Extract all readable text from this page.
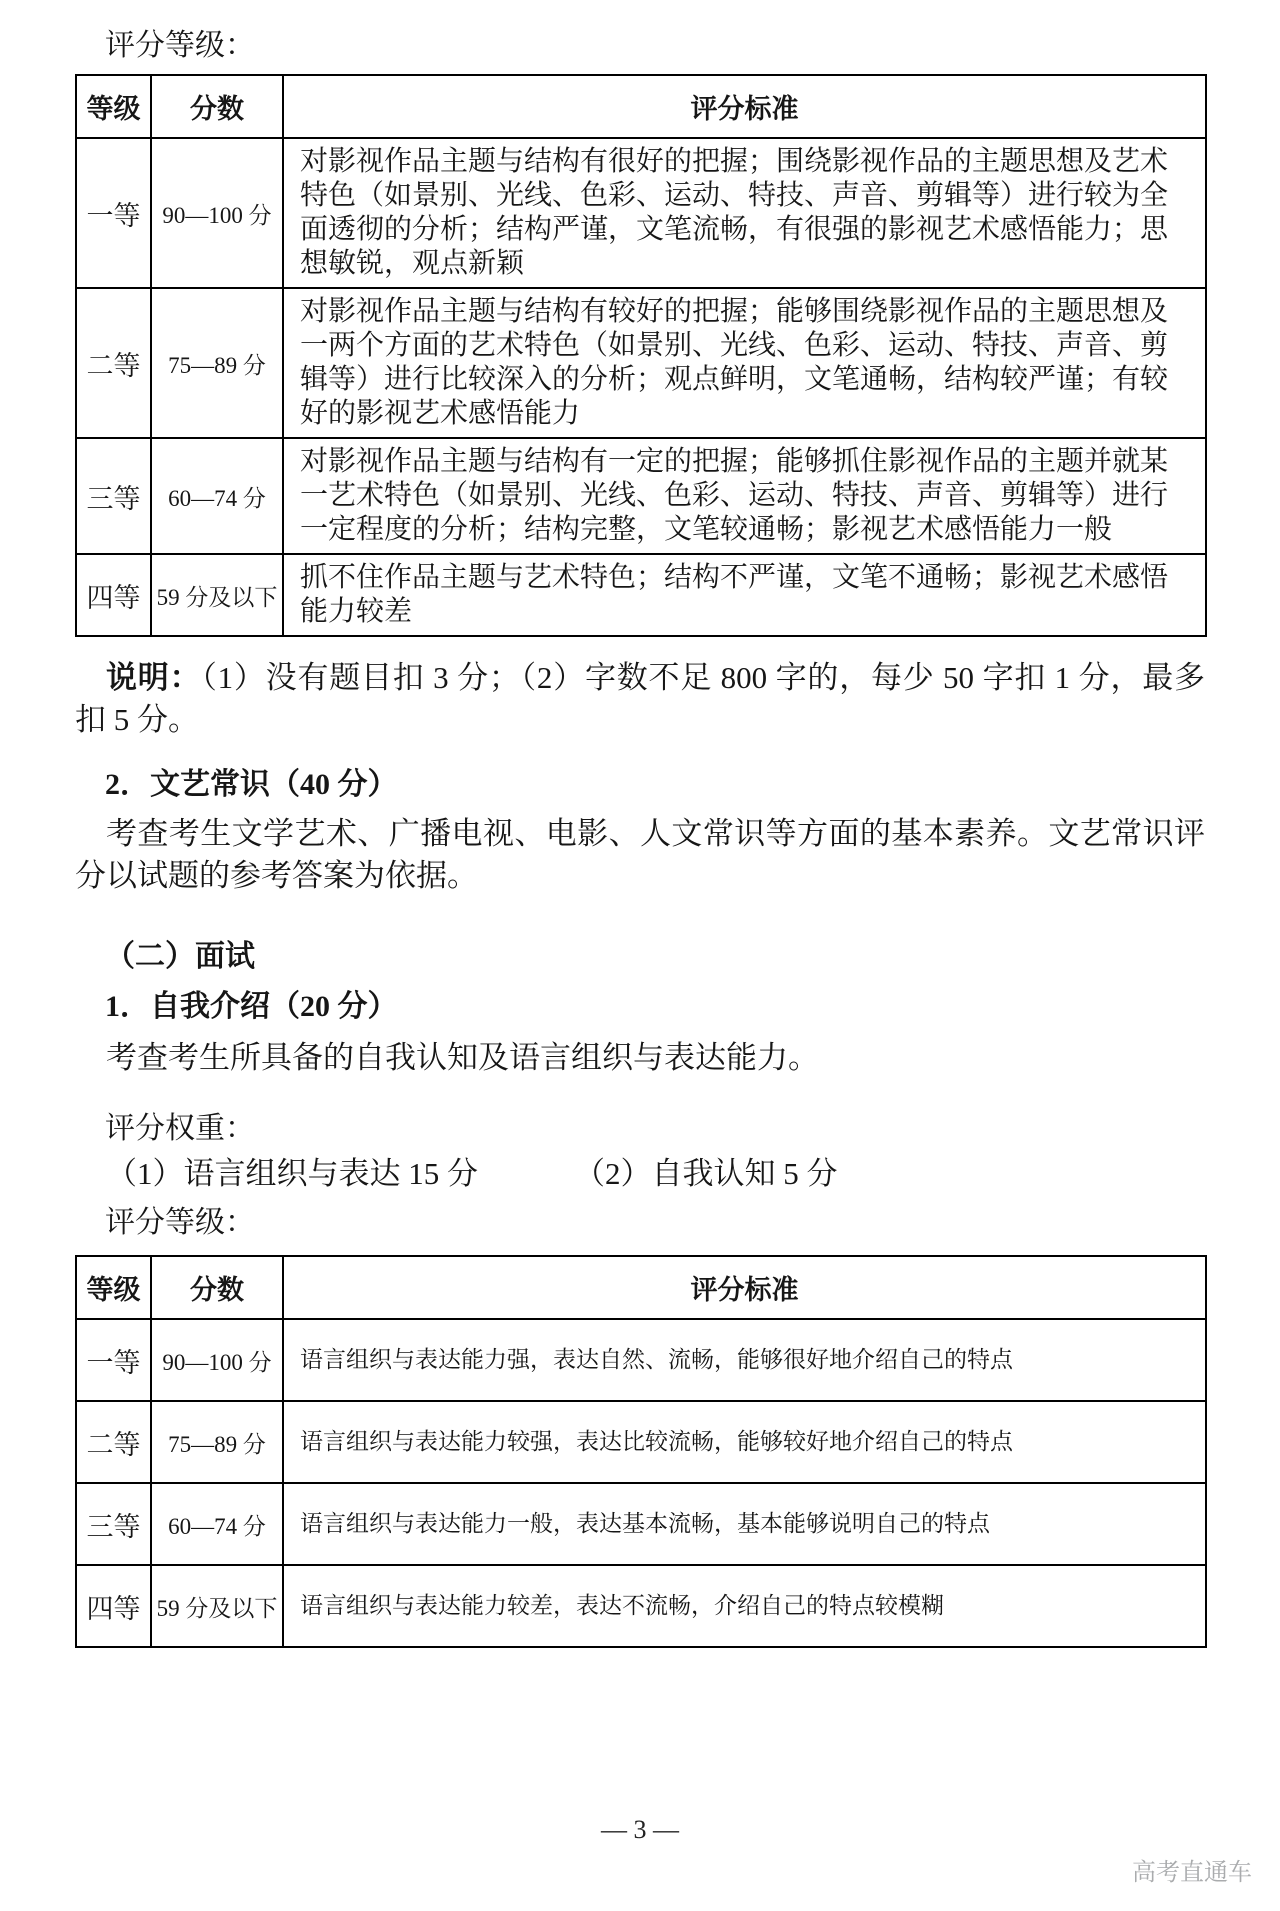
评分等级：

等级	分数	评分标准
一等	90—100 分	对影视作品主题与结构有很好的把握；围绕影视作品的主题思想及艺术特色（如景别、光线、色彩、运动、特技、声音、剪辑等）进行较为全面透彻的分析；结构严谨，文笔流畅，有很强的影视艺术感悟能力；思想敏锐，观点新颖
二等	75—89 分	对影视作品主题与结构有较好的把握；能够围绕影视作品的主题思想及一两个方面的艺术特色（如景别、光线、色彩、运动、特技、声音、剪辑等）进行比较深入的分析；观点鲜明，文笔通畅，结构较严谨；有较好的影视艺术感悟能力
三等	60—74 分	对影视作品主题与结构有一定的把握；能够抓住影视作品的主题并就某一艺术特色（如景别、光线、色彩、运动、特技、声音、剪辑等）进行一定程度的分析；结构完整，文笔较通畅；影视艺术感悟能力一般
四等	59 分及以下	抓不住作品主题与艺术特色；结构不严谨，文笔不通畅；影视艺术感悟能力较差

说明：（1）没有题目扣 3 分；（2）字数不足 800 字的，每少 50 字扣 1 分，最多扣 5 分。

2．文艺常识（40 分）

考查考生文学艺术、广播电视、电影、人文常识等方面的基本素养。文艺常识评分以试题的参考答案为依据。

（二）面试
1．自我介绍（20 分）

考查考生所具备的自我认知及语言组织与表达能力。

评分权重：

（1）语言组织与表达 15 分	（2）自我认知 5 分

评分等级：

等级	分数	评分标准
一等	90—100 分	语言组织与表达能力强，表达自然、流畅，能够很好地介绍自己的特点
二等	75—89 分	语言组织与表达能力较强，表达比较流畅，能够较好地介绍自己的特点
三等	60—74 分	语言组织与表达能力一般，表达基本流畅，基本能够说明自己的特点
四等	59 分及以下	语言组织与表达能力较差，表达不流畅，介绍自己的特点较模糊
— 3 —
高考直通车
